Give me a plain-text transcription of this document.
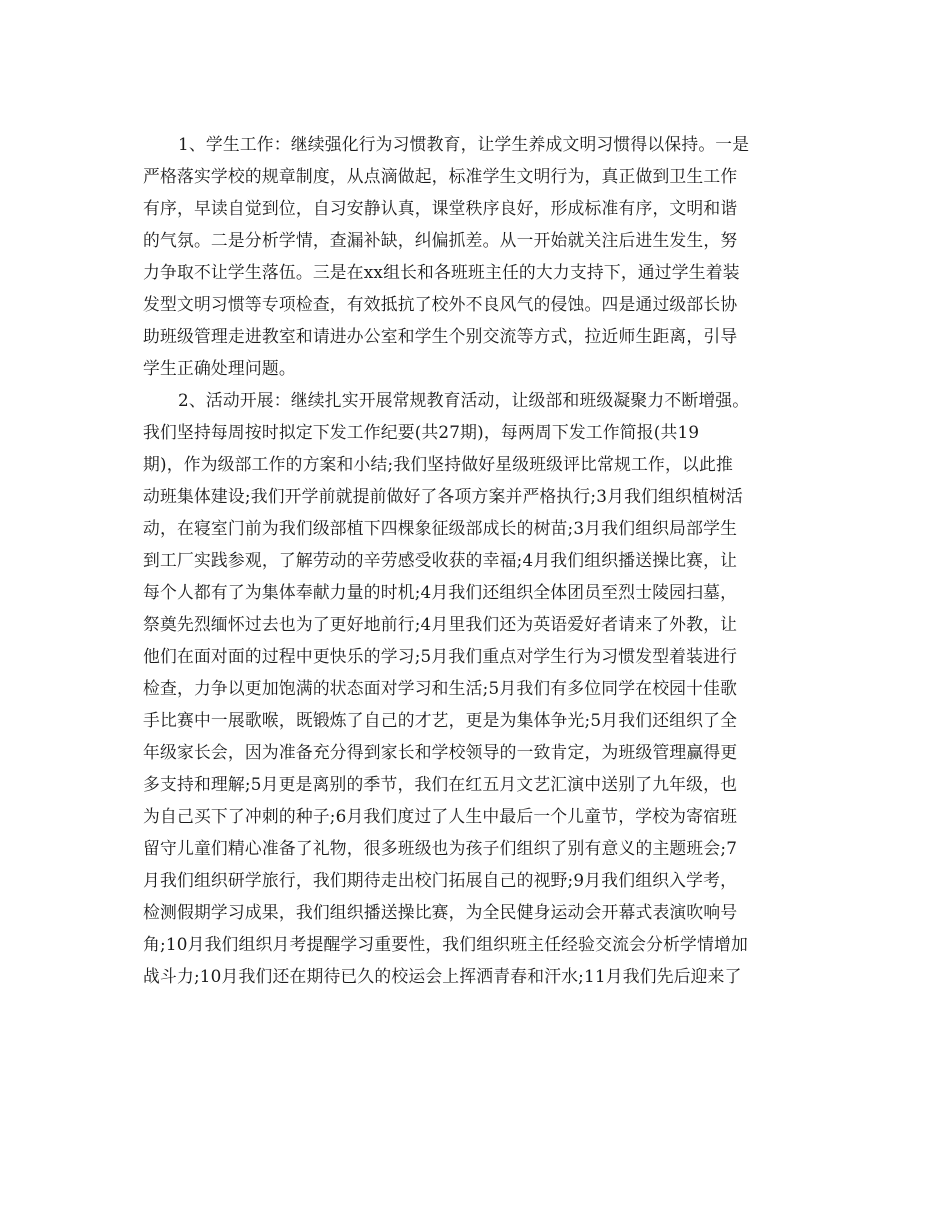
1、学生工作：继续强化行为习惯教育，让学生养成文明习惯得以保持。一是
严格落实学校的规章制度，从点滴做起，标准学生文明行为，真正做到卫生工作
有序，早读自觉到位，自习安静认真，课堂秩序良好，形成标准有序，文明和谐
的气氛。二是分析学情，查漏补缺，纠偏抓差。从一开始就关注后进生发生，努
力争取不让学生落伍。三是在xx组长和各班班主任的大力支持下，通过学生着装
发型文明习惯等专项检查，有效抵抗了校外不良风气的侵蚀。四是通过级部长协
助班级管理走进教室和请进办公室和学生个别交流等方式，拉近师生距离，引导
学生正确处理问题。
2、活动开展：继续扎实开展常规教育活动，让级部和班级凝聚力不断增强。
我们坚持每周按时拟定下发工作纪要(共27期)，每两周下发工作简报(共19
期)，作为级部工作的方案和小结;我们坚持做好星级班级评比常规工作，以此推
动班集体建设;我们开学前就提前做好了各项方案并严格执行;3月我们组织植树活
动，在寝室门前为我们级部植下四棵象征级部成长的树苗;3月我们组织局部学生
到工厂实践参观，了解劳动的辛劳感受收获的幸福;4月我们组织播送操比赛，让
每个人都有了为集体奉献力量的时机;4月我们还组织全体团员至烈士陵园扫墓，
祭奠先烈缅怀过去也为了更好地前行;4月里我们还为英语爱好者请来了外教，让
他们在面对面的过程中更快乐的学习;5月我们重点对学生行为习惯发型着装进行
检查，力争以更加饱满的状态面对学习和生活;5月我们有多位同学在校园十佳歌
手比赛中一展歌喉，既锻炼了自己的才艺，更是为集体争光;5月我们还组织了全
年级家长会，因为准备充分得到家长和学校领导的一致肯定，为班级管理赢得更
多支持和理解;5月更是离别的季节，我们在红五月文艺汇演中送别了九年级，也
为自己买下了冲刺的种子;6月我们度过了人生中最后一个儿童节，学校为寄宿班
留守儿童们精心准备了礼物，很多班级也为孩子们组织了别有意义的主题班会;7
月我们组织研学旅行，我们期待走出校门拓展自己的视野;9月我们组织入学考，
检测假期学习成果，我们组织播送操比赛，为全民健身运动会开幕式表演吹响号
角;10月我们组织月考提醒学习重要性，我们组织班主任经验交流会分析学情增加
战斗力;10月我们还在期待已久的校运会上挥洒青春和汗水;11月我们先后迎来了
